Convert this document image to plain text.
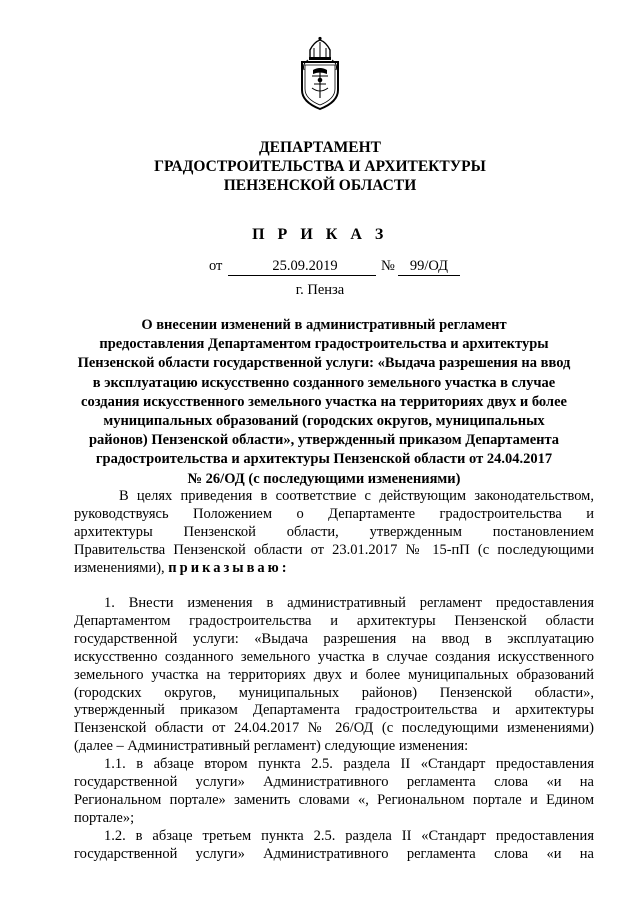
ДЕПАРТАМЕНТ
ГРАДОСТРОИТЕЛЬСТВА И АРХИТЕКТУРЫ
ПЕНЗЕНСКОЙ ОБЛАСТИ
П Р И К А З
от	25.09.2019	№	99/ОД
г. Пенза
О внесении изменений в административный регламент
предоставления Департаментом градостроительства и архитектуры
Пензенской области государственной услуги: «Выдача разрешения на ввод
в эксплуатацию искусственно созданного земельного участка в случае
создания искусственного земельного участка на территориях двух и более
муниципальных образований (городских округов, муниципальных
районов) Пензенской области», утвержденный приказом Департамента
градостроительства и архитектуры Пензенской области от 24.04.2017
№ 26/ОД (с последующими изменениями)
В целях приведения в соответствие с действующим законодательством,
руководствуясь Положением о Департаменте градостроительства и
архитектуры Пензенской области, утвержденным постановлением
Правительства Пензенской области от 23.01.2017 № 15-пП (с последующими
изменениями), приказываю:
1. Внести изменения в административный регламент предоставления
Департаментом градостроительства и архитектуры Пензенской области
государственной услуги: «Выдача разрешения на ввод в эксплуатацию
искусственно созданного земельного участка в случае создания искусственного
земельного участка на территориях двух и более муниципальных образований
(городских округов, муниципальных районов) Пензенской области»,
утвержденный приказом Департамента градостроительства и архитектуры
Пензенской области от 24.04.2017 № 26/ОД (с последующими изменениями)
(далее – Административный регламент) следующие изменения:
1.1. в абзаце втором пункта 2.5. раздела II «Стандарт предоставления
государственной услуги» Административного регламента слова «и на
Региональном портале» заменить словами «, Региональном портале и Едином
портале»;
1.2. в абзаце третьем пункта 2.5. раздела II «Стандарт предоставления
государственной услуги» Административного регламента слова «и на
